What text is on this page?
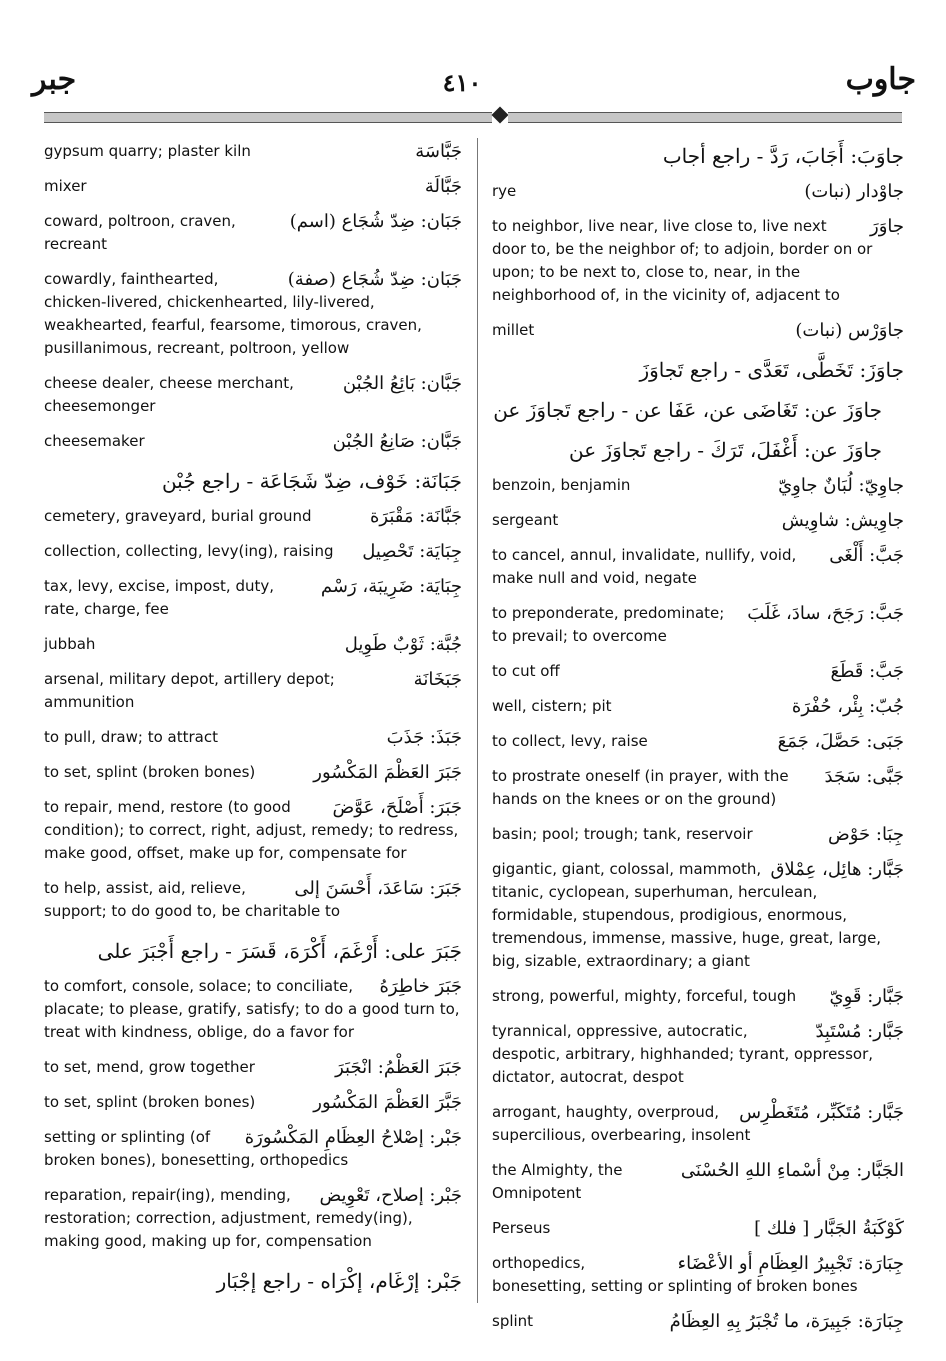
جبر	٤١٠	جاوب
جَبَّاسَة
gypsum quarry; plaster kiln
جَبَّالَة
mixer
جَبَان: ضِدّ شُجَاع (اسم)
coward, poltroon, craven, recreant
جَبَان: ضِدّ شُجَاع (صفة)
cowardly, fainthearted, chicken-livered, chickenhearted, lily-livered, weakhearted, fearful, fearsome, timorous, craven, pusillanimous, recreant, poltroon, yellow
جَبَّان: بَائِعُ الجُبْن
cheese dealer, cheese merchant, cheesemonger
جَبَّان: صَانِعُ الجُبْن
cheesemaker
جَبَانَة: خَوْف، ضِدّ شَجَاعَة - راجع جُبْن
جَبَّانَة: مَقْبَرَة
cemetery, graveyard, burial ground
جِبَايَة: تَحْصِيل
collection, collecting, levy(ing), raising
جِبَايَة: ضَرِيبَة، رَسْم
tax, levy, excise, impost, duty, rate, charge, fee
جُبَّة: ثَوْبٌ طَوِيل
jubbah
جَبَخَانَة
arsenal, military depot, artillery depot; ammunition
جَبَذَ: جَذَبَ
to pull, draw; to attract
جَبَرَ العَظْمَ المَكْسُور
to set, splint (broken bones)
جَبَرَ: أَصْلَحَ، عَوَّضَ
to repair, mend, restore (to good condition); to correct, right, adjust, remedy; to redress, make good, offset, make up for, compensate for
جَبَرَ: سَاعَدَ، أَحْسَنَ إلى
to help, assist, aid, relieve, support; to do good to, be charitable to
جَبَرَ على: أَرْغَمَ، أَكْرَهَ، قَسَرَ - راجع أَجْبَرَ على
جَبَرَ خاطِرَهُ
to comfort, console, solace; to conciliate, placate; to please, gratify, satisfy; to do a good turn to, treat with kindness, oblige, do a favor for
جَبَرَ العَظْمُ: انْجَبَرَ
to set, mend, grow together
جَبَّرَ العَظْمَ المَكْسُور
to set, splint (broken bones)
جَبْر: إصْلاحُ العِظَامِ المَكْسُورَة
setting or splinting (of broken bones), bonesetting, orthopedics
جَبْر: إصلاح، تَعْوِيض
reparation, repair(ing), mending, restoration; correction, adjustment, remedy(ing), making good, making up for, compensation
جَبْر: إرْغَام، إكْرَاه - راجع إجْبَار
جاوَبَ: أَجَابَ، رَدَّ - راجع أجاب
جاوْدار (نبات)
rye
جاوَرَ
to neighbor, live near, live close to, live next door to, be the neighbor of; to adjoin, border on or upon; to be next to, close to, near, in the neighborhood of, in the vicinity of, adjacent to
جاوَرْس (نبات)
millet
جاوَزَ: تَخَطَّى، تَعَدَّى - راجع تَجاوَزَ
جاوَزَ عن: تَغَاضَى عن، عَفَا عن - راجع تَجاوَزَ عن
جاوَزَ عن: أَغْفَلَ، تَرَكَ - راجع تَجاوَزَ عن
جاوِيّ: لُبَانٌ جاوِيّ
benzoin, benjamin
جاوِيش: شاوِيش
sergeant
جَبَّ: أَلْغَى
to cancel, annul, invalidate, nullify, void, make null and void, negate
جَبَّ: رَجَحَ، سادَ، غَلَبَ
to preponderate, predominate; to prevail; to overcome
جَبَّ: قَطَعَ
to cut off
جُبّ: بِئْر، حُفْرَة
well, cistern; pit
جَبَى: حَصَّلَ، جَمَعَ
to collect, levy, raise
جَبَّى: سَجَدَ
to prostrate oneself (in prayer, with the hands on the knees or on the ground)
جِبَا: حَوْض
basin; pool; trough; tank, reservoir
جَبَّار: هائِل، عِمْلاق
gigantic, giant, colossal, mammoth, titanic, cyclopean, superhuman, herculean, formidable, stupendous, prodigious, enormous, tremendous, immense, massive, huge, great, large, big, sizable, extraordinary; a giant
جَبَّار: قَوِيّ
strong, powerful, mighty, forceful, tough
جَبَّار: مُسْتَبِدّ
tyrannical, oppressive, autocratic, despotic, arbitrary, highhanded; tyrant, oppressor, dictator, autocrat, despot
جَبَّار: مُتَكَبِّر، مُتَغَطْرِس
arrogant, haughty, overproud, supercilious, overbearing, insolent
الجَبَّار: مِنْ أسْماءِ اللهِ الحُسْنَى
the Almighty, the Omnipotent
كَوْكَبَةُ الجَبَّار [ فلك ]
Perseus
جِبَارَة: تَجْبِيرُ العِظَامِ أو الأعْضَاء
orthopedics, bonesetting, setting or splinting of broken bones
جِبَارَة: جَبِيرَة، ما تُجْبَرُ بِهِ العِظَامُ
splint
